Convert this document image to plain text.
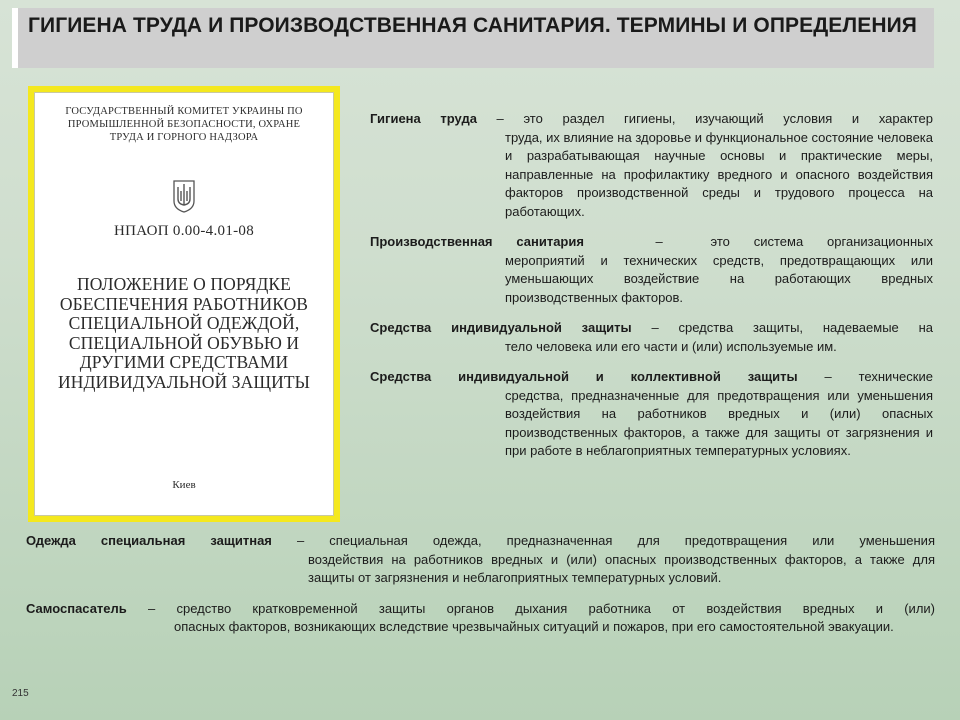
ГИГИЕНА ТРУДА И ПРОИЗВОДСТВЕННАЯ САНИТАРИЯ. ТЕРМИНЫ И ОПРЕДЕЛЕНИЯ
ГОСУДАРСТВЕННЫЙ КОМИТЕТ УКРАИНЫ ПО ПРОМЫШЛЕННОЙ БЕЗОПАСНОСТИ, ОХРАНЕ ТРУДА И ГОРНОГО НАДЗОРА
НПАОП 0.00-4.01-08
ПОЛОЖЕНИЕ О ПОРЯДКЕ ОБЕСПЕЧЕНИЯ РАБОТНИКОВ СПЕЦИАЛЬНОЙ ОДЕЖДОЙ, СПЕЦИАЛЬНОЙ ОБУВЬЮ И ДРУГИМИ СРЕДСТВАМИ ИНДИВИДУАЛЬНОЙ ЗАЩИТЫ
Киев
Гигиена труда – это раздел гигиены, изучающий условия и характер
труда, их влияние на здоровье и функциональное состояние человека и разрабатывающая научные основы и практические меры, направленные на профилактику вредного и опасного воздействия факторов производственной среды и трудового процесса на работающих.
Производственная санитария   –  это система организационных
мероприятий и технических средств, предотвращающих или уменьшающих воздействие на работающих вредных производственных факторов.
Средства индивидуальной защиты – средства защиты, надеваемые на
тело человека или его части и (или) используемые им.
Средства индивидуальной и коллективной защиты – технические
средства, предназначенные для предотвращения или уменьшения воздействия на работников вредных и (или) опасных производственных факторов, а также для защиты от загрязнения и при работе в неблагоприятных температурных условиях.
Одежда специальная защитная – специальная одежда, предназначенная для предотвращения или уменьшения
воздействия на работников вредных и (или) опасных производственных факторов, а также для защиты от загрязнения и неблагоприятных температурных условий.
Самоспасатель – средство кратковременной защиты органов дыхания работника от воздействия вредных и (или)
опасных факторов, возникающих вследствие чрезвычайных ситуаций и пожаров, при его самостоятельной эвакуации.
215
